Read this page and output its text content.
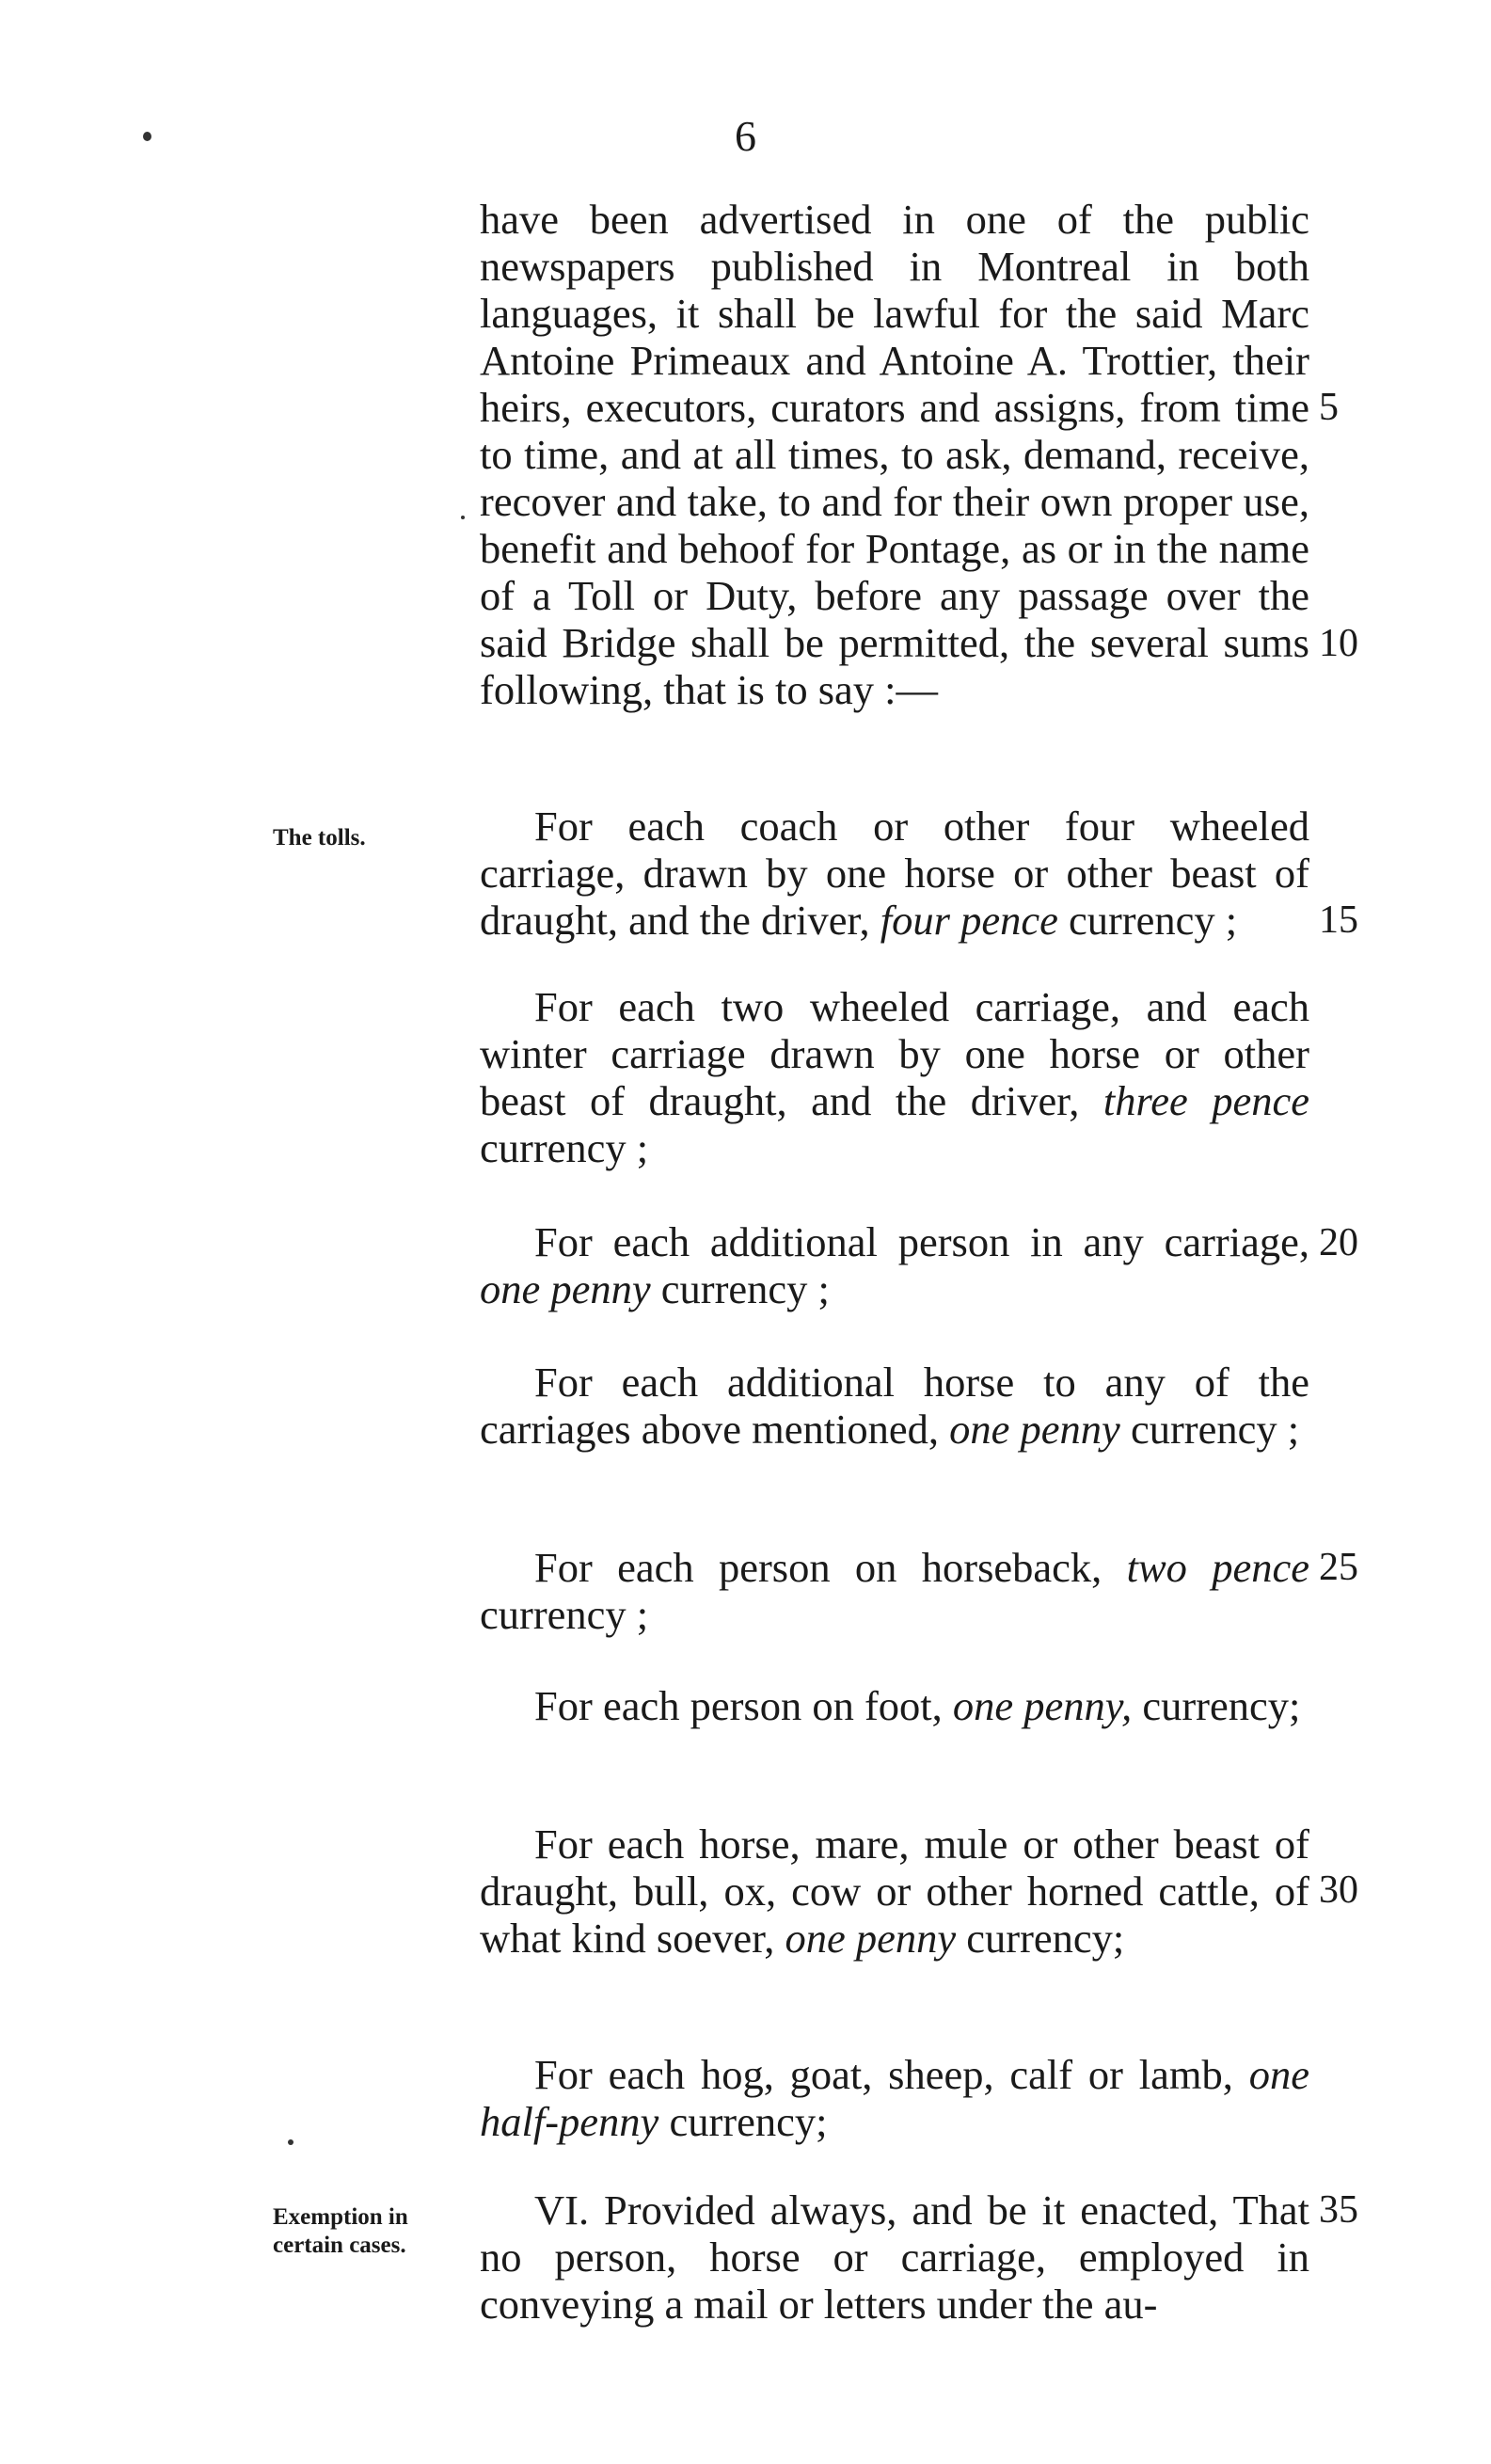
6
The tolls.
Exemption in certain cases.

have been advertised in one of the public newspapers published in Montreal in both languages, it shall be lawful for the said Marc Antoine Primeaux and Antoine A. Trottier, their heirs, executors, curators and assigns, from time to time, and at all times, to ask, demand, receive, recover and take, to and for their own proper use, benefit and behoof for Pontage, as or in the name of a Toll or Duty, before any passage over the said Bridge shall be permitted, the several sums following, that is to say :—

For each coach or other four wheeled carriage, drawn by one horse or other beast of draught, and the driver, four pence currency ;

For each two wheeled carriage, and each winter carriage drawn by one horse or other beast of draught, and the driver, three pence currency ;

For each additional person in any carriage, one penny currency ;

For each additional horse to any of the carriages above mentioned, one penny currency ;

For each person on horseback, two pence currency ;

For each person on foot, one penny, currency;

For each horse, mare, mule or other beast of draught, bull, ox, cow or other horned cattle, of what kind soever, one penny currency;

For each hog, goat, sheep, calf or lamb, one half-penny currency;

VI. Provided always, and be it enacted, That no person, horse or carriage, employed in conveying a mail or letters under the au-

5
10
15
20
25
30
35
